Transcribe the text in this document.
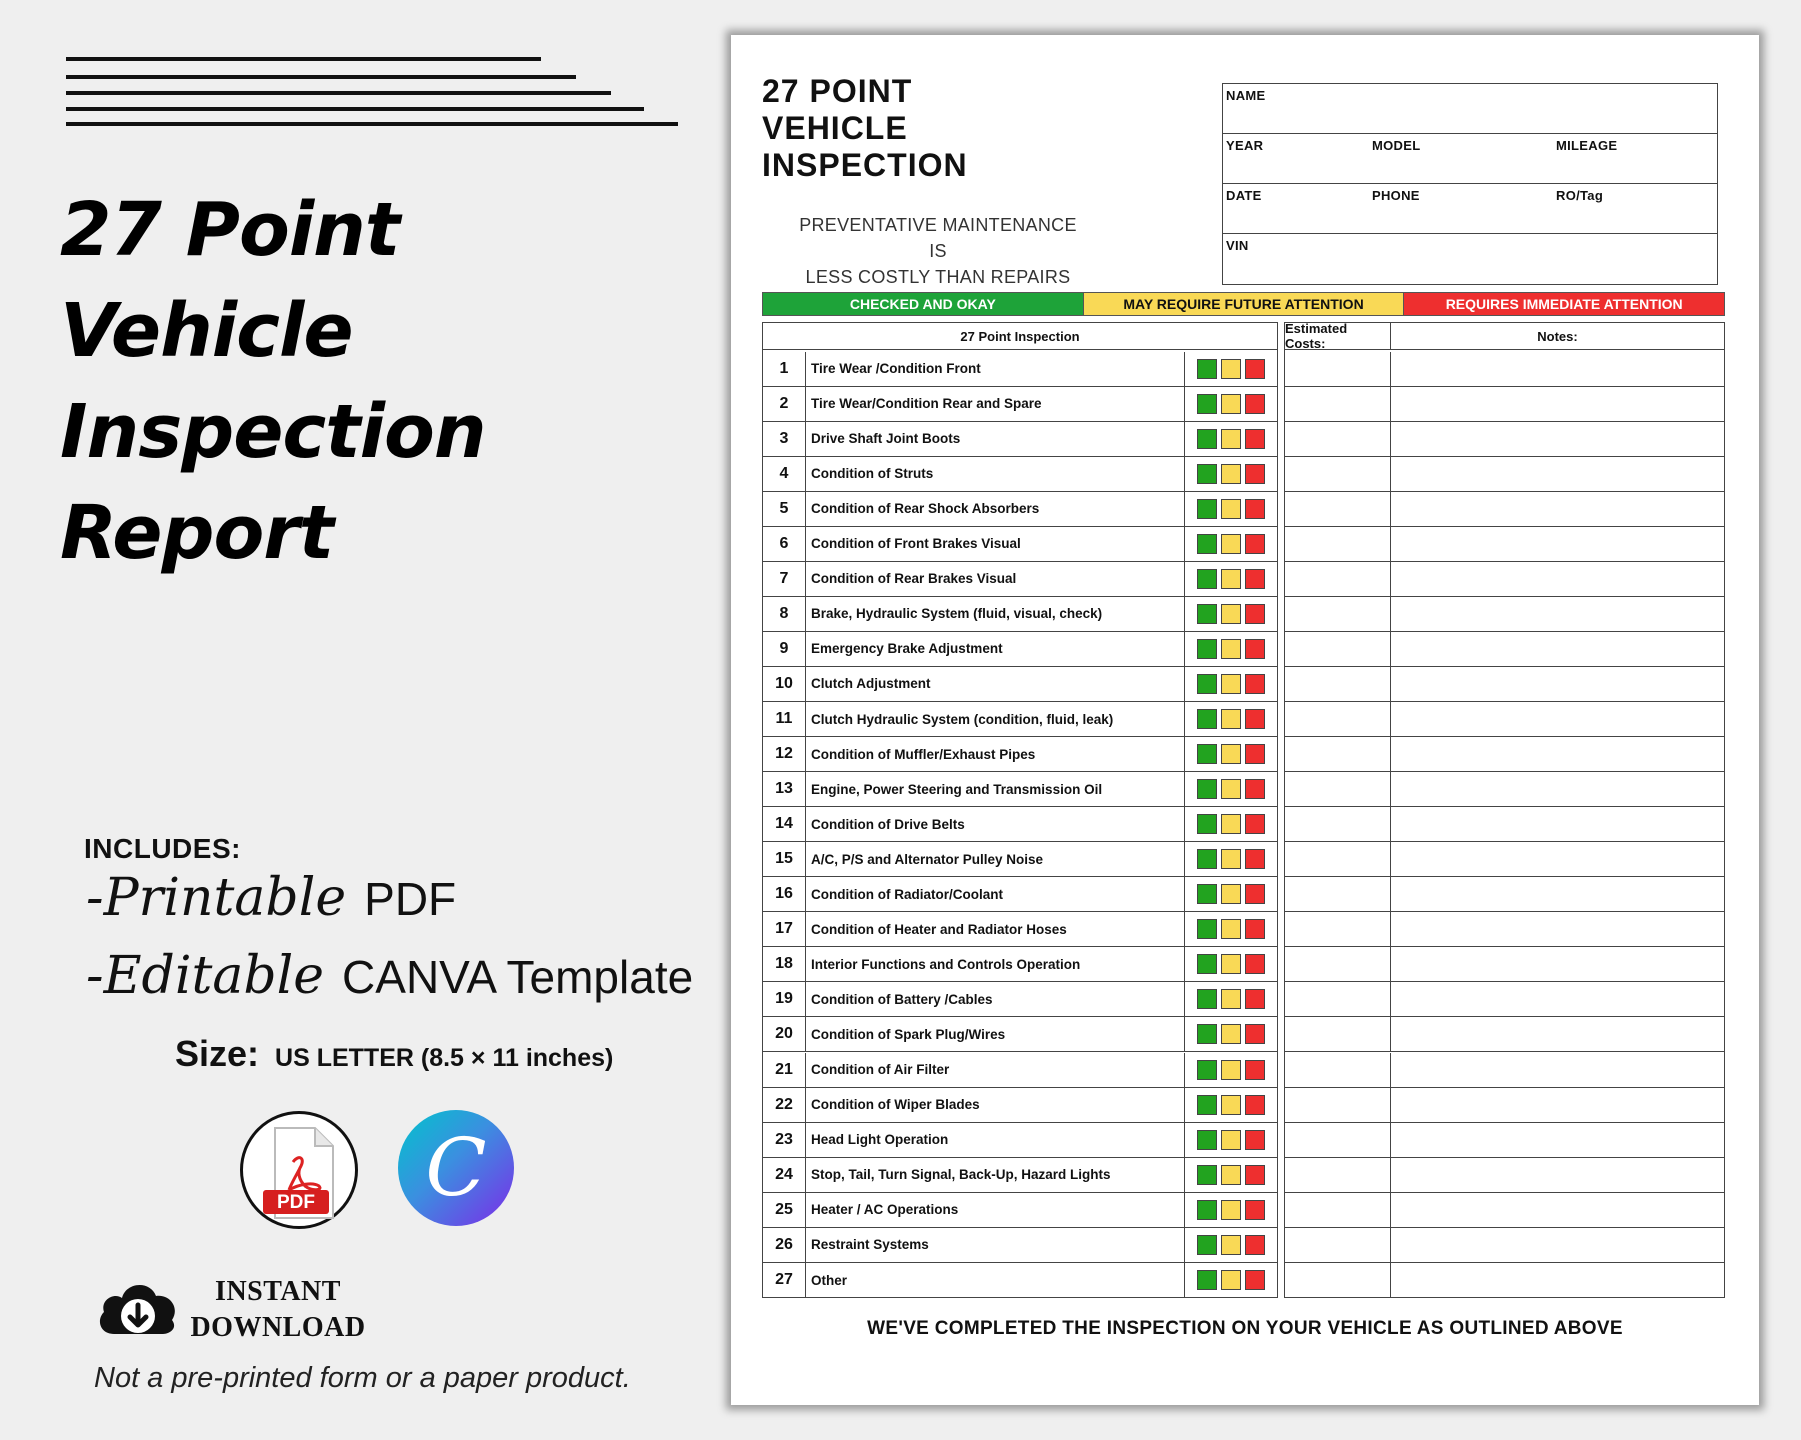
27 Point Vehicle
Inspection
Report
INCLUDES:
-Printable PDF
-Editable CANVA Template
Size: US LETTER (8.5 × 11 inches)
PDF C
INSTANT
DOWNLOAD
Not a pre-printed form or a paper product.
27 POINT
VEHICLE
INSPECTION
PREVENTATIVE MAINTENANCE IS
LESS COSTLY THAN REPAIRS
NAME
YEAR	MODEL	MILEAGE
DATE	PHONE	RO/Tag
VIN
CHECKED AND OKAY	MAY REQUIRE FUTURE ATTENTION	REQUIRES IMMEDIATE ATTENTION
27 Point Inspection
1	Tire Wear /Condition Front
2	Tire Wear/Condition Rear and Spare
3	Drive Shaft Joint Boots
4	Condition of Struts
5	Condition of Rear Shock Absorbers
6	Condition of Front Brakes Visual
7	Condition of Rear Brakes Visual
8	Brake, Hydraulic System (fluid, visual, check)
9	Emergency Brake Adjustment
10	Clutch Adjustment
11	Clutch Hydraulic System (condition, fluid, leak)
12	Condition of Muffler/Exhaust Pipes
13	Engine, Power Steering and Transmission Oil
14	Condition of Drive Belts
15	A/C, P/S and Alternator Pulley Noise
16	Condition of Radiator/Coolant
17	Condition of Heater and Radiator Hoses
18	Interior Functions and Controls Operation
19	Condition of Battery /Cables
20	Condition of Spark Plug/Wires
21	Condition of Air Filter
22	Condition of Wiper Blades
23	Head Light Operation
24	Stop, Tail, Turn Signal, Back-Up, Hazard Lights
25	Heater / AC Operations
26	Restraint Systems
27	Other
Estimated Costs:	Notes:
WE'VE COMPLETED THE INSPECTION ON YOUR VEHICLE AS OUTLINED ABOVE
